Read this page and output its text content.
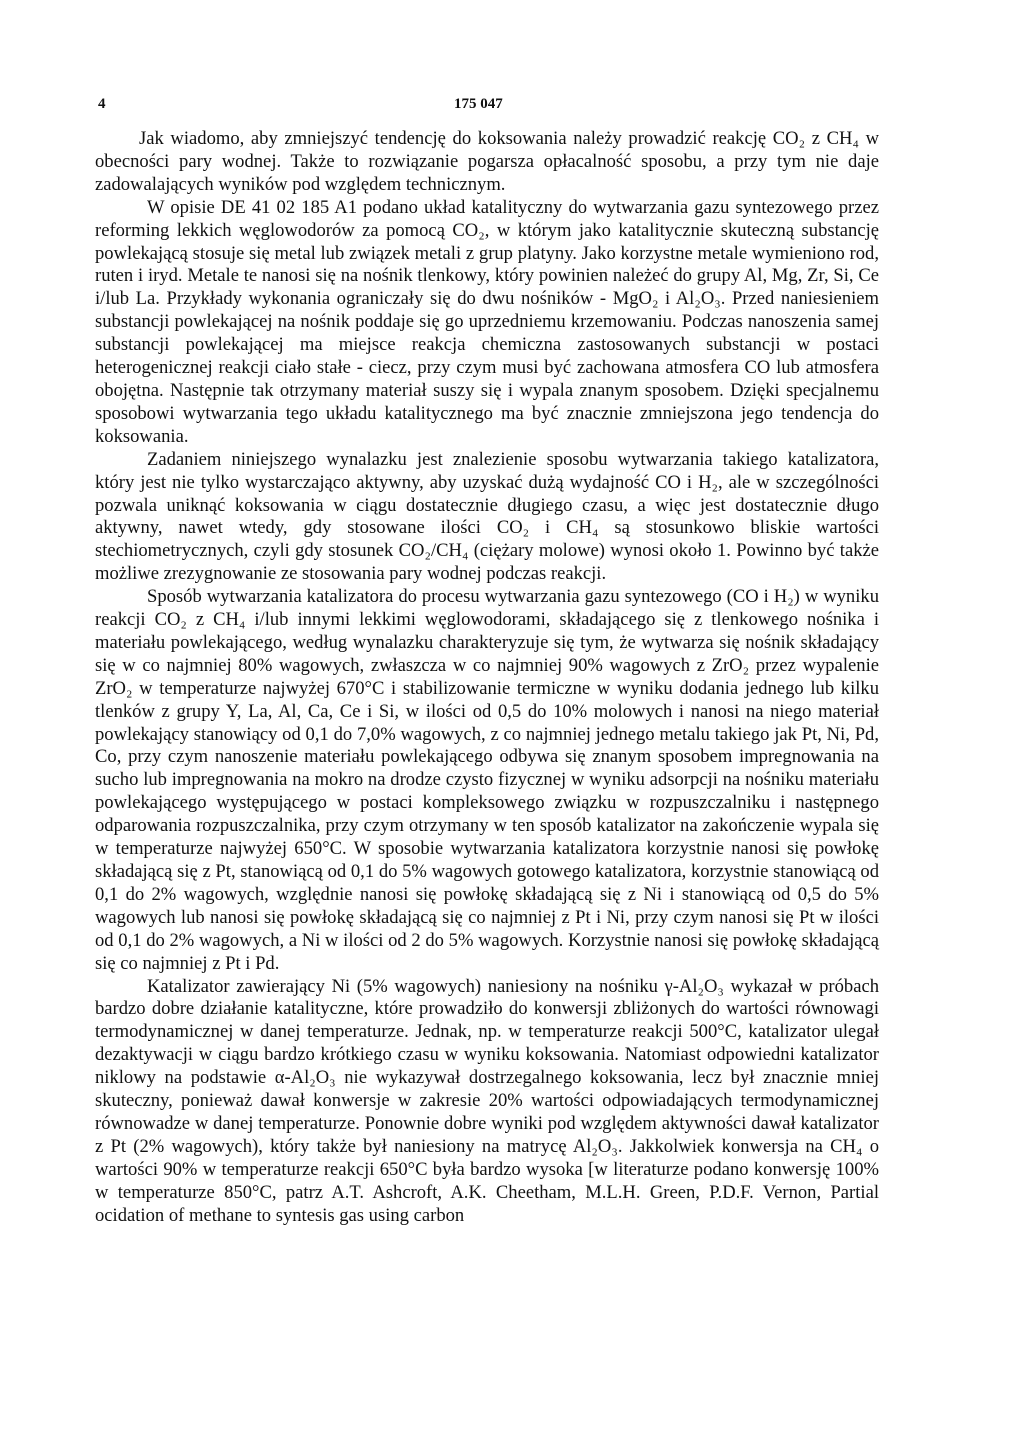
4	175 047

Jak wiadomo, aby zmniejszyć tendencję do koksowania należy prowadzić reakcję CO₂ z CH₄ w obecności pary wodnej. Także to rozwiązanie pogarsza opłacalność sposobu, a przy tym nie daje zadowalających wyników pod względem technicznym.

W opisie DE 41 02 185 A1 podano układ katalityczny do wytwarzania gazu syntezowego przez reforming lekkich węglowodorów za pomocą CO₂, w którym jako katalitycznie skuteczną substancję powlekającą stosuje się metal lub związek metali z grup platyny. Jako korzystne metale wymieniono rod, ruten i iryd. Metale te nanosi się na nośnik tlenkowy, który powinien należeć do grupy Al, Mg, Zr, Si, Ce i/lub La. Przykłady wykonania ograniczały się do dwu nośników - MgO₂ i Al₂O₃. Przed naniesieniem substancji powlekającej na nośnik poddaje się go uprzedniemu krzemowaniu. Podczas nanoszenia samej substancji powlekającej ma miejsce reakcja chemiczna zastosowanych substancji w postaci heterogenicznej reakcji ciało stałe - ciecz, przy czym musi być zachowana atmosfera CO lub atmosfera obojętna. Następnie tak otrzymany materiał suszy się i wypala znanym sposobem. Dzięki specjalnemu sposobowi wytwarzania tego układu katalitycznego ma być znacznie zmniejszona jego tendencja do koksowania.

Zadaniem niniejszego wynalazku jest znalezienie sposobu wytwarzania takiego katalizatora, który jest nie tylko wystarczająco aktywny, aby uzyskać dużą wydajność CO i H₂, ale w szczególności pozwala uniknąć koksowania w ciągu dostatecznie długiego czasu, a więc jest dostatecznie długo aktywny, nawet wtedy, gdy stosowane ilości CO₂ i CH₄ są stosunkowo bliskie wartości stechiometrycznych, czyli gdy stosunek CO₂/CH₄ (ciężary molowe) wynosi około 1. Powinno być także możliwe zrezygnowanie ze stosowania pary wodnej podczas reakcji.

Sposób wytwarzania katalizatora do procesu wytwarzania gazu syntezowego (CO i H₂) w wyniku reakcji CO₂ z CH₄ i/lub innymi lekkimi węglowodorami, składającego się z tlenkowego nośnika i materiału powlekającego, według wynalazku charakteryzuje się tym, że wytwarza się nośnik składający się w co najmniej 80% wagowych, zwłaszcza w co najmniej 90% wagowych z ZrO₂ przez wypalenie ZrO₂ w temperaturze najwyżej 670°C i stabilizowanie termiczne w wyniku dodania jednego lub kilku tlenków z grupy Y, La, Al, Ca, Ce i Si, w ilości od 0,5 do 10% molowych i nanosi na niego materiał powlekający stanowiący od 0,1 do 7,0% wagowych, z co najmniej jednego metalu takiego jak Pt, Ni, Pd, Co, przy czym nanoszenie materiału powlekającego odbywa się znanym sposobem impregnowania na sucho lub impregnowania na mokro na drodze czysto fizycznej w wyniku adsorpcji na nośniku materiału powlekającego występującego w postaci kompleksowego związku w rozpuszczalniku i następnego odparowania rozpuszczalnika, przy czym otrzymany w ten sposób katalizator na zakończenie wypala się w temperaturze najwyżej 650°C. W sposobie wytwarzania katalizatora korzystnie nanosi się powłokę składającą się z Pt, stanowiącą od 0,1 do 5% wagowych gotowego katalizatora, korzystnie stanowiącą od 0,1 do 2% wagowych, względnie nanosi się powłokę składającą się z Ni i stanowiącą od 0,5 do 5% wagowych lub nanosi się powłokę składającą się co najmniej z Pt i Ni, przy czym nanosi się Pt w ilości od 0,1 do 2% wagowych, a Ni w ilości od 2 do 5% wagowych. Korzystnie nanosi się powłokę składającą się co najmniej z Pt i Pd.

Katalizator zawierający Ni (5% wagowych) naniesiony na nośniku γ-Al₂O₃ wykazał w próbach bardzo dobre działanie katalityczne, które prowadziło do konwersji zbliżonych do wartości równowagi termodynamicznej w danej temperaturze. Jednak, np. w temperaturze reakcji 500°C, katalizator ulegał dezaktywacji w ciągu bardzo krótkiego czasu w wyniku koksowania. Natomiast odpowiedni katalizator niklowy na podstawie α-Al₂O₃ nie wykazywał dostrzegalnego koksowania, lecz był znacznie mniej skuteczny, ponieważ dawał konwersje w zakresie 20% wartości odpowiadających termodynamicznej równowadze w danej temperaturze. Ponownie dobre wyniki pod względem aktywności dawał katalizator z Pt (2% wagowych), który także był naniesiony na matrycę Al₂O₃. Jakkolwiek konwersja na CH₄ o wartości 90% w temperaturze reakcji 650°C była bardzo wysoka [w literaturze podano konwersję 100% w temperaturze 850°C, patrz A.T. Ashcroft, A.K. Cheetham, M.L.H. Green, P.D.F. Vernon, Partial ocidation of methane to syntesis gas using carbon
